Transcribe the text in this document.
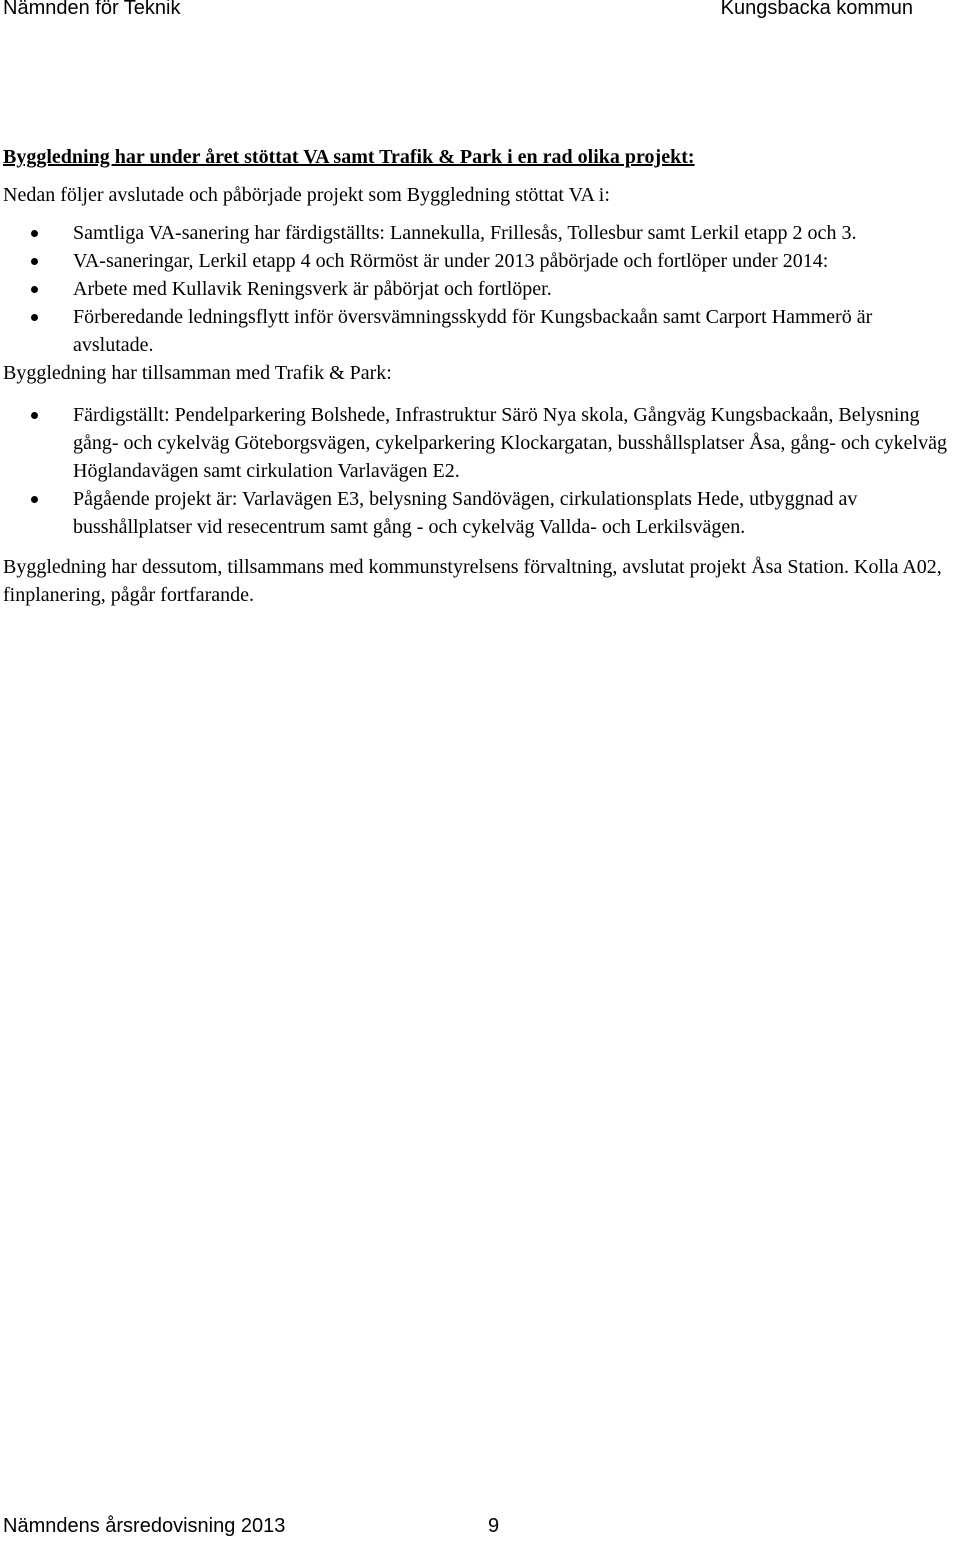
Nämnden för Teknik	Kungsbacka kommun

Byggledning har under året stöttat VA samt Trafik & Park i en rad olika projekt:

Nedan följer avslutade och påbörjade projekt som Byggledning stöttat VA i:

Samtliga VA-sanering har färdigställts: Lannekulla, Frillesås, Tollesbur samt Lerkil etapp 2 och 3.
VA-saneringar, Lerkil etapp 4 och Rörmöst är under 2013 påbörjade och fortlöper under 2014:
Arbete med Kullavik Reningsverk är påbörjat och fortlöper.
Förberedande ledningsflytt inför översvämningsskydd för Kungsbackaån samt Carport Hammerö är avslutade.

Byggledning har tillsamman med Trafik & Park:

Färdigställt: Pendelparkering Bolshede, Infrastruktur Särö Nya skola, Gångväg Kungsbackaån, Belysning gång- och cykelväg Göteborgsvägen, cykelparkering Klockargatan, busshållsplatser Åsa, gång- och cykelväg Höglandavägen samt cirkulation Varlavägen E2.
Pågående projekt är: Varlavägen E3, belysning Sandövägen, cirkulationsplats Hede, utbyggnad av busshållplatser vid resecentrum samt gång - och cykelväg Vallda- och Lerkilsvägen.

Byggledning har dessutom, tillsammans med kommunstyrelsens förvaltning, avslutat projekt Åsa Station. Kolla A02, finplanering, pågår fortfarande.

Nämndens årsredovisning 2013	9
